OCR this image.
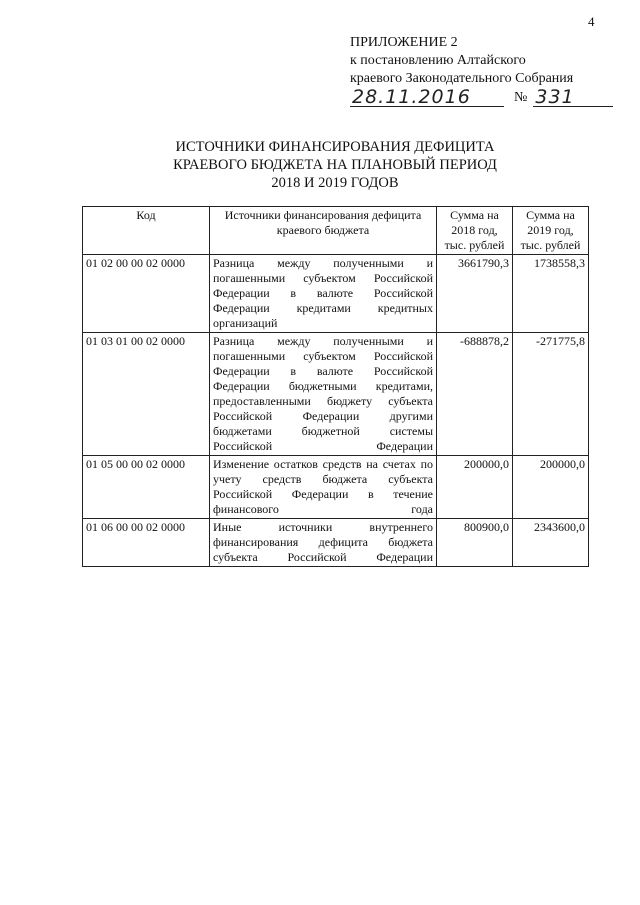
4
ПРИЛОЖЕНИЕ 2
к постановлению Алтайского
краевого Законодательного Собрания
28.11.2016	№ 331
ИСТОЧНИКИ ФИНАНСИРОВАНИЯ ДЕФИЦИТА
КРАЕВОГО БЮДЖЕТА НА ПЛАНОВЫЙ ПЕРИОД
2018 И 2019 ГОДОВ
Код	Источники финансирования дефицита краевого бюджета	Сумма на 2018 год, тыс. рублей	Сумма на 2019 год, тыс. рублей
01 02 00 00 02 0000	Разница между полученными и погашенными субъектом Российской Федерации в валюте Российской Федерации кредитами кредитных организаций	3661790,3	1738558,3
01 03 01 00 02 0000	Разница между полученными и погашенными субъектом Российской Федерации в валюте Российской Федерации бюджетными кредитами, предоставленными бюджету субъекта Российской Федерации другими бюджетами бюджетной системы Российской Федерации	-688878,2	-271775,8
01 05 00 00 02 0000	Изменение остатков средств на счетах по учету средств бюджета субъекта Российской Федерации в течение финансового года	200000,0	200000,0
01 06 00 00 02 0000	Иные источники внутреннего финансирования дефицита бюджета субъекта Российской Федерации	800900,0	2343600,0
